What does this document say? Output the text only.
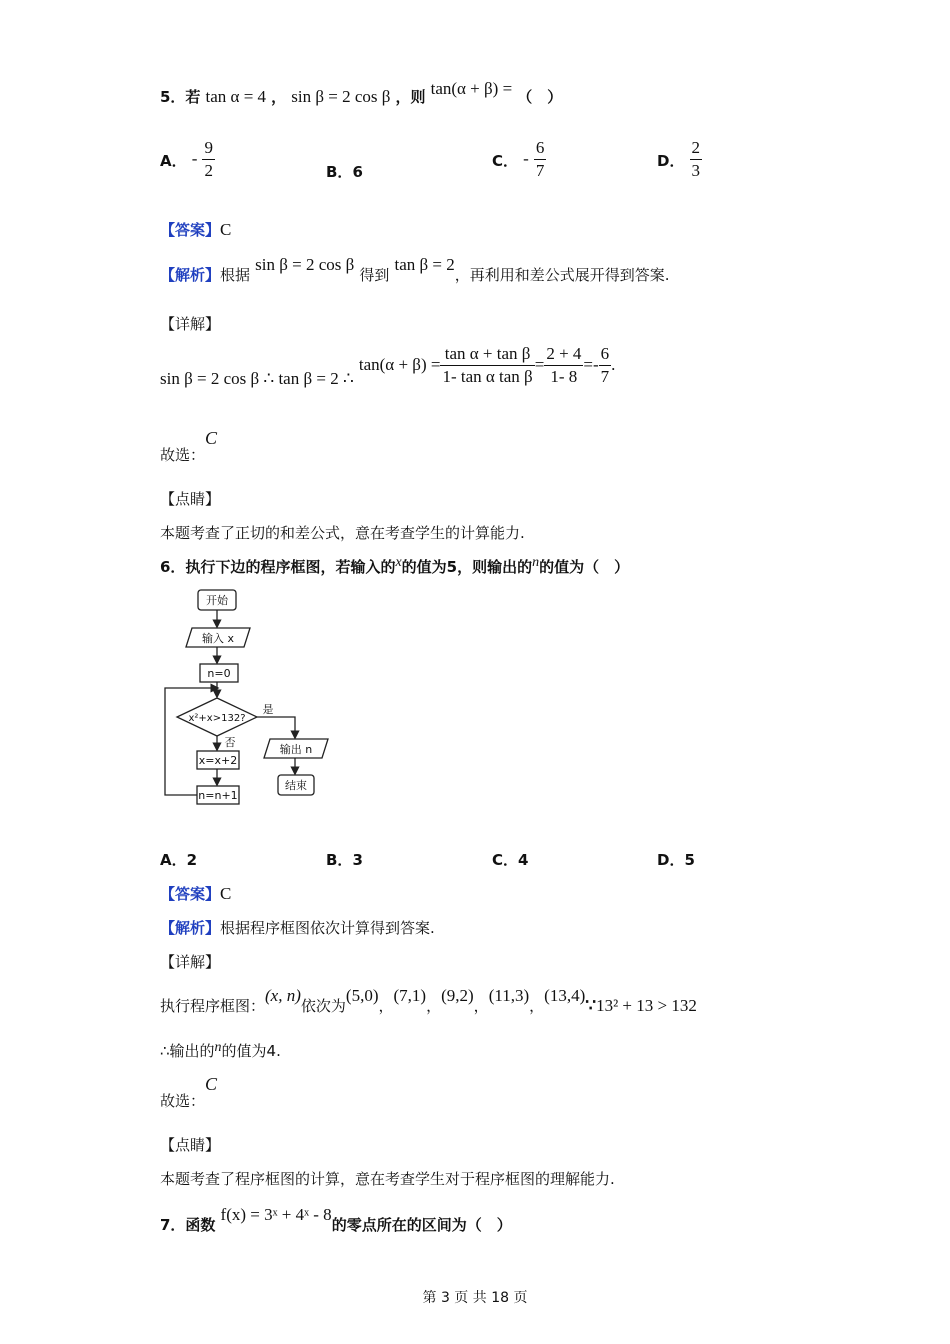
5．若 tan α = 4 ， sin β = 2 cos β ，则 tan(α + β) = （　）
A． - $\frac{9}{2}$	B．6
C． - $\frac{6}{7}$	D． $\frac{2}{3}$
【答案】C
【解析】根据 sin β = 2 cos β 得到 tan β = 2，再利用和差公式展开得到答案.
【详解】
sin β = 2 cos β ∴ tan β = 2 ∴ $\tan(\alpha + \beta) = \frac{\text{tan α + tan β}}{\text{1- tan α tan β}} = \frac{2 + 4}{1- 8} =- \frac{6}{7}$ .
故选：C
【点睛】
本题考查了正切的和差公式，意在考查学生的计算能力.
6．执行下边的程序框图，若输入的x的值为5，则输出的n的值为（　）
开始
输入 x
n=0
x²+x>132?
是
否
x=x+2
n=n+1
输出 n
结束
A．2	B．3	C．4	D．5
【答案】C
【解析】根据程序框图依次计算得到答案.
【详解】
执行程序框图：(x, n)依次为(5,0)，(7,1)，(9,2)，(11,3)，(13,4)∵13² + 13 > 132
∴输出的n的值为4.
故选：C
【点睛】
本题考查了程序框图的计算，意在考查学生对于程序框图的理解能力.
7．函数 f(x) = 3ˣ + 4ˣ - 8的零点所在的区间为（　）
第 3 页 共 18 页
